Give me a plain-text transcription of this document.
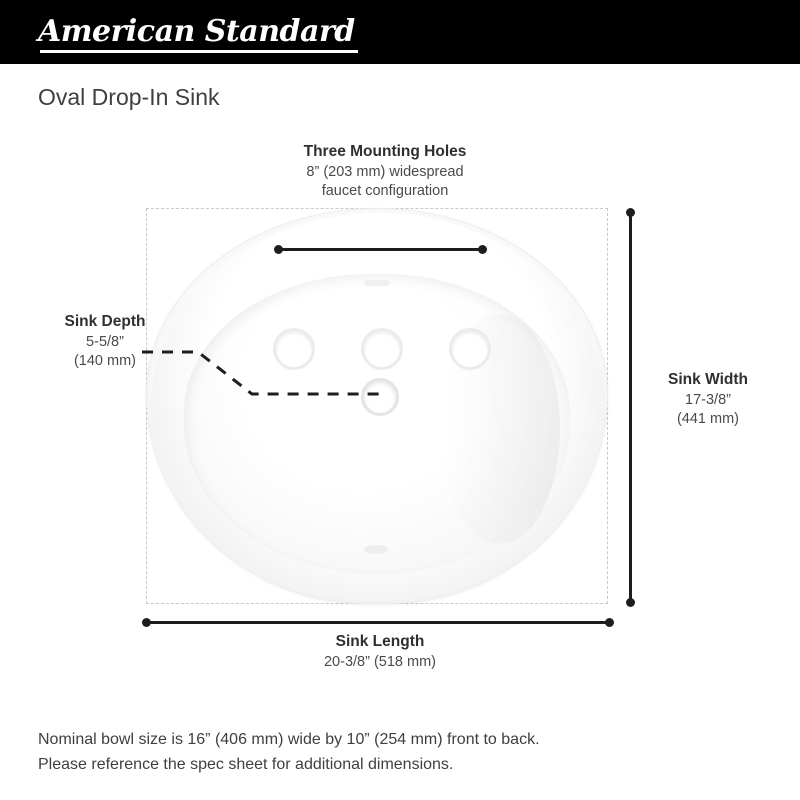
American Standard
Oval Drop-In Sink
Three Mounting Holes
8” (203 mm) widespread
faucet configuration
Sink Width
17-3/8”
(441 mm)
Sink Length
20-3/8” (518 mm)
Sink Depth
5-5/8”
(140 mm)
Nominal bowl size is 16” (406 mm) wide by 10” (254 mm) front to back.
Please reference the spec sheet for additional dimensions.
